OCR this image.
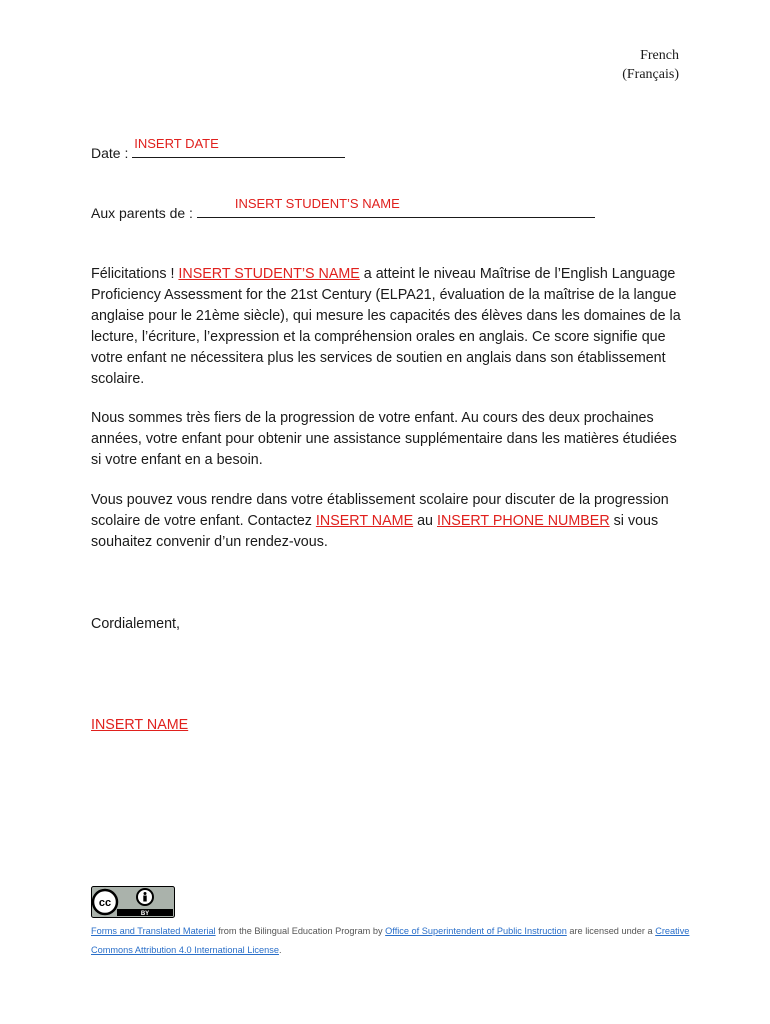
French
(Français)
Date :
INSERT DATE
Aux parents de :
INSERT STUDENT’S NAME

Félicitations ! INSERT STUDENT’S NAME a atteint le niveau Maîtrise de l’English Language Proficiency Assessment for the 21st Century (ELPA21, évaluation de la maîtrise de la langue anglaise pour le 21ème siècle), qui mesure les capacités des élèves dans les domaines de la lecture, l’écriture, l’expression et la compréhension orales en anglais. Ce score signifie que votre enfant ne nécessitera plus les services de soutien en anglais dans son établissement scolaire.

Nous sommes très fiers de la progression de votre enfant. Au cours des deux prochaines années, votre enfant pour obtenir une assistance supplémentaire dans les matières étudiées si votre enfant en a besoin.

Vous pouvez vous rendre dans votre établissement scolaire pour discuter de la progression scolaire de votre enfant. Contactez INSERT NAME au INSERT PHONE NUMBER si vous souhaitez convenir d’un rendez-vous.

Cordialement,

INSERT NAME

cc
BY

Forms and Translated Material from the Bilingual Education Program by Office of Superintendent of Public Instruction are licensed under a Creative Commons Attribution 4.0 International License.
